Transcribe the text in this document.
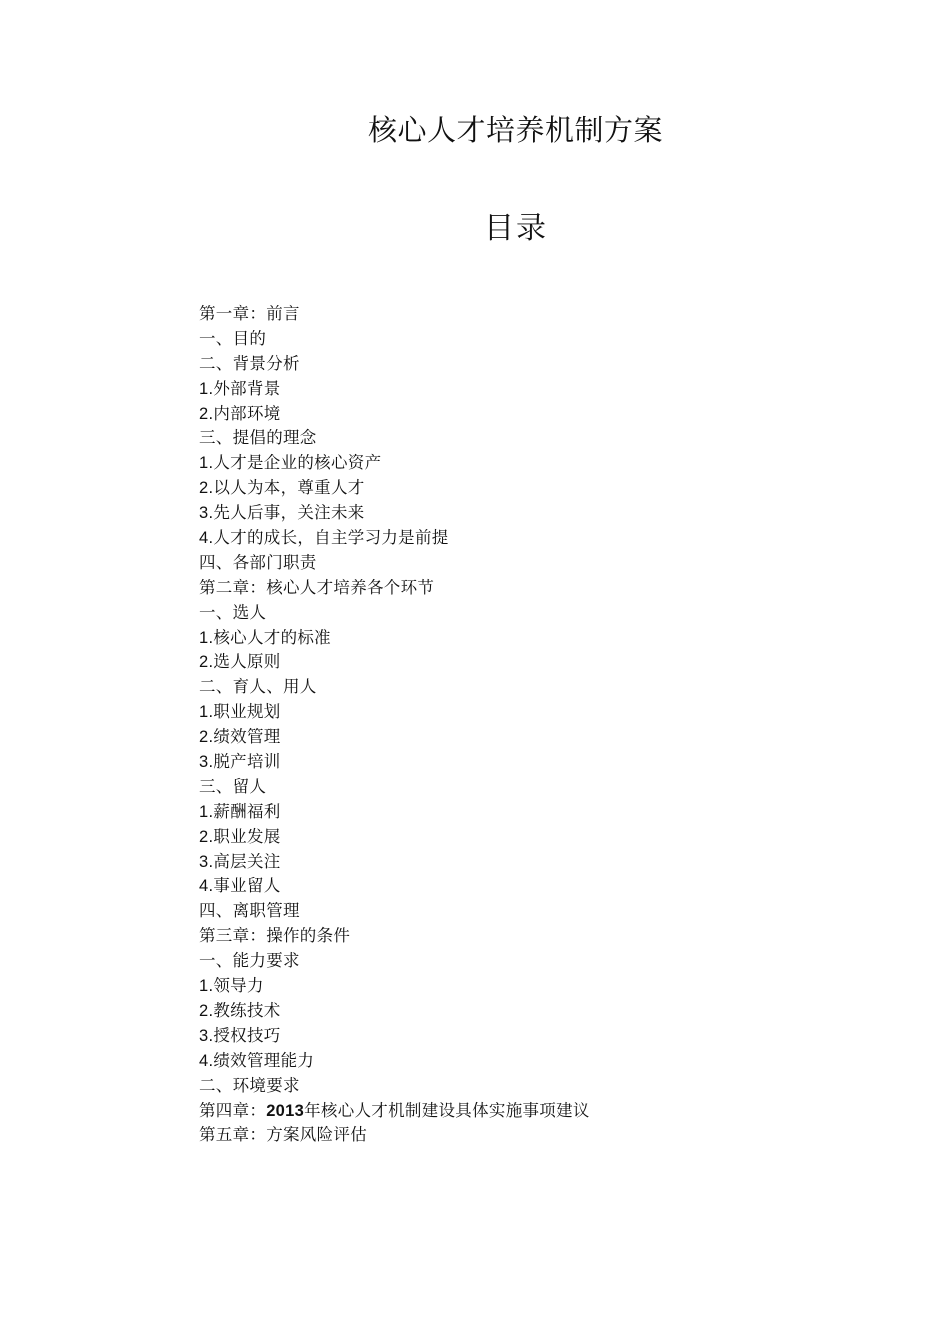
核心人才培养机制方案
目录
第一章：前言
一、目的
二、背景分析
1.外部背景
2.内部环境
三、提倡的理念
1.人才是企业的核心资产
2.以人为本，尊重人才
3.先人后事，关注未来
4.人才的成长，自主学习力是前提
四、各部门职责
第二章：核心人才培养各个环节
一、选人
1.核心人才的标准
2.选人原则
二、育人、用人
1.职业规划
2.绩效管理
3.脱产培训
三、留人
1.薪酬福利
2.职业发展
3.高层关注
4.事业留人
四、离职管理
第三章：操作的条件
一、能力要求
1.领导力
2.教练技术
3.授权技巧
4.绩效管理能力
二、环境要求
第四章：2013年核心人才机制建设具体实施事项建议
第五章：方案风险评估
